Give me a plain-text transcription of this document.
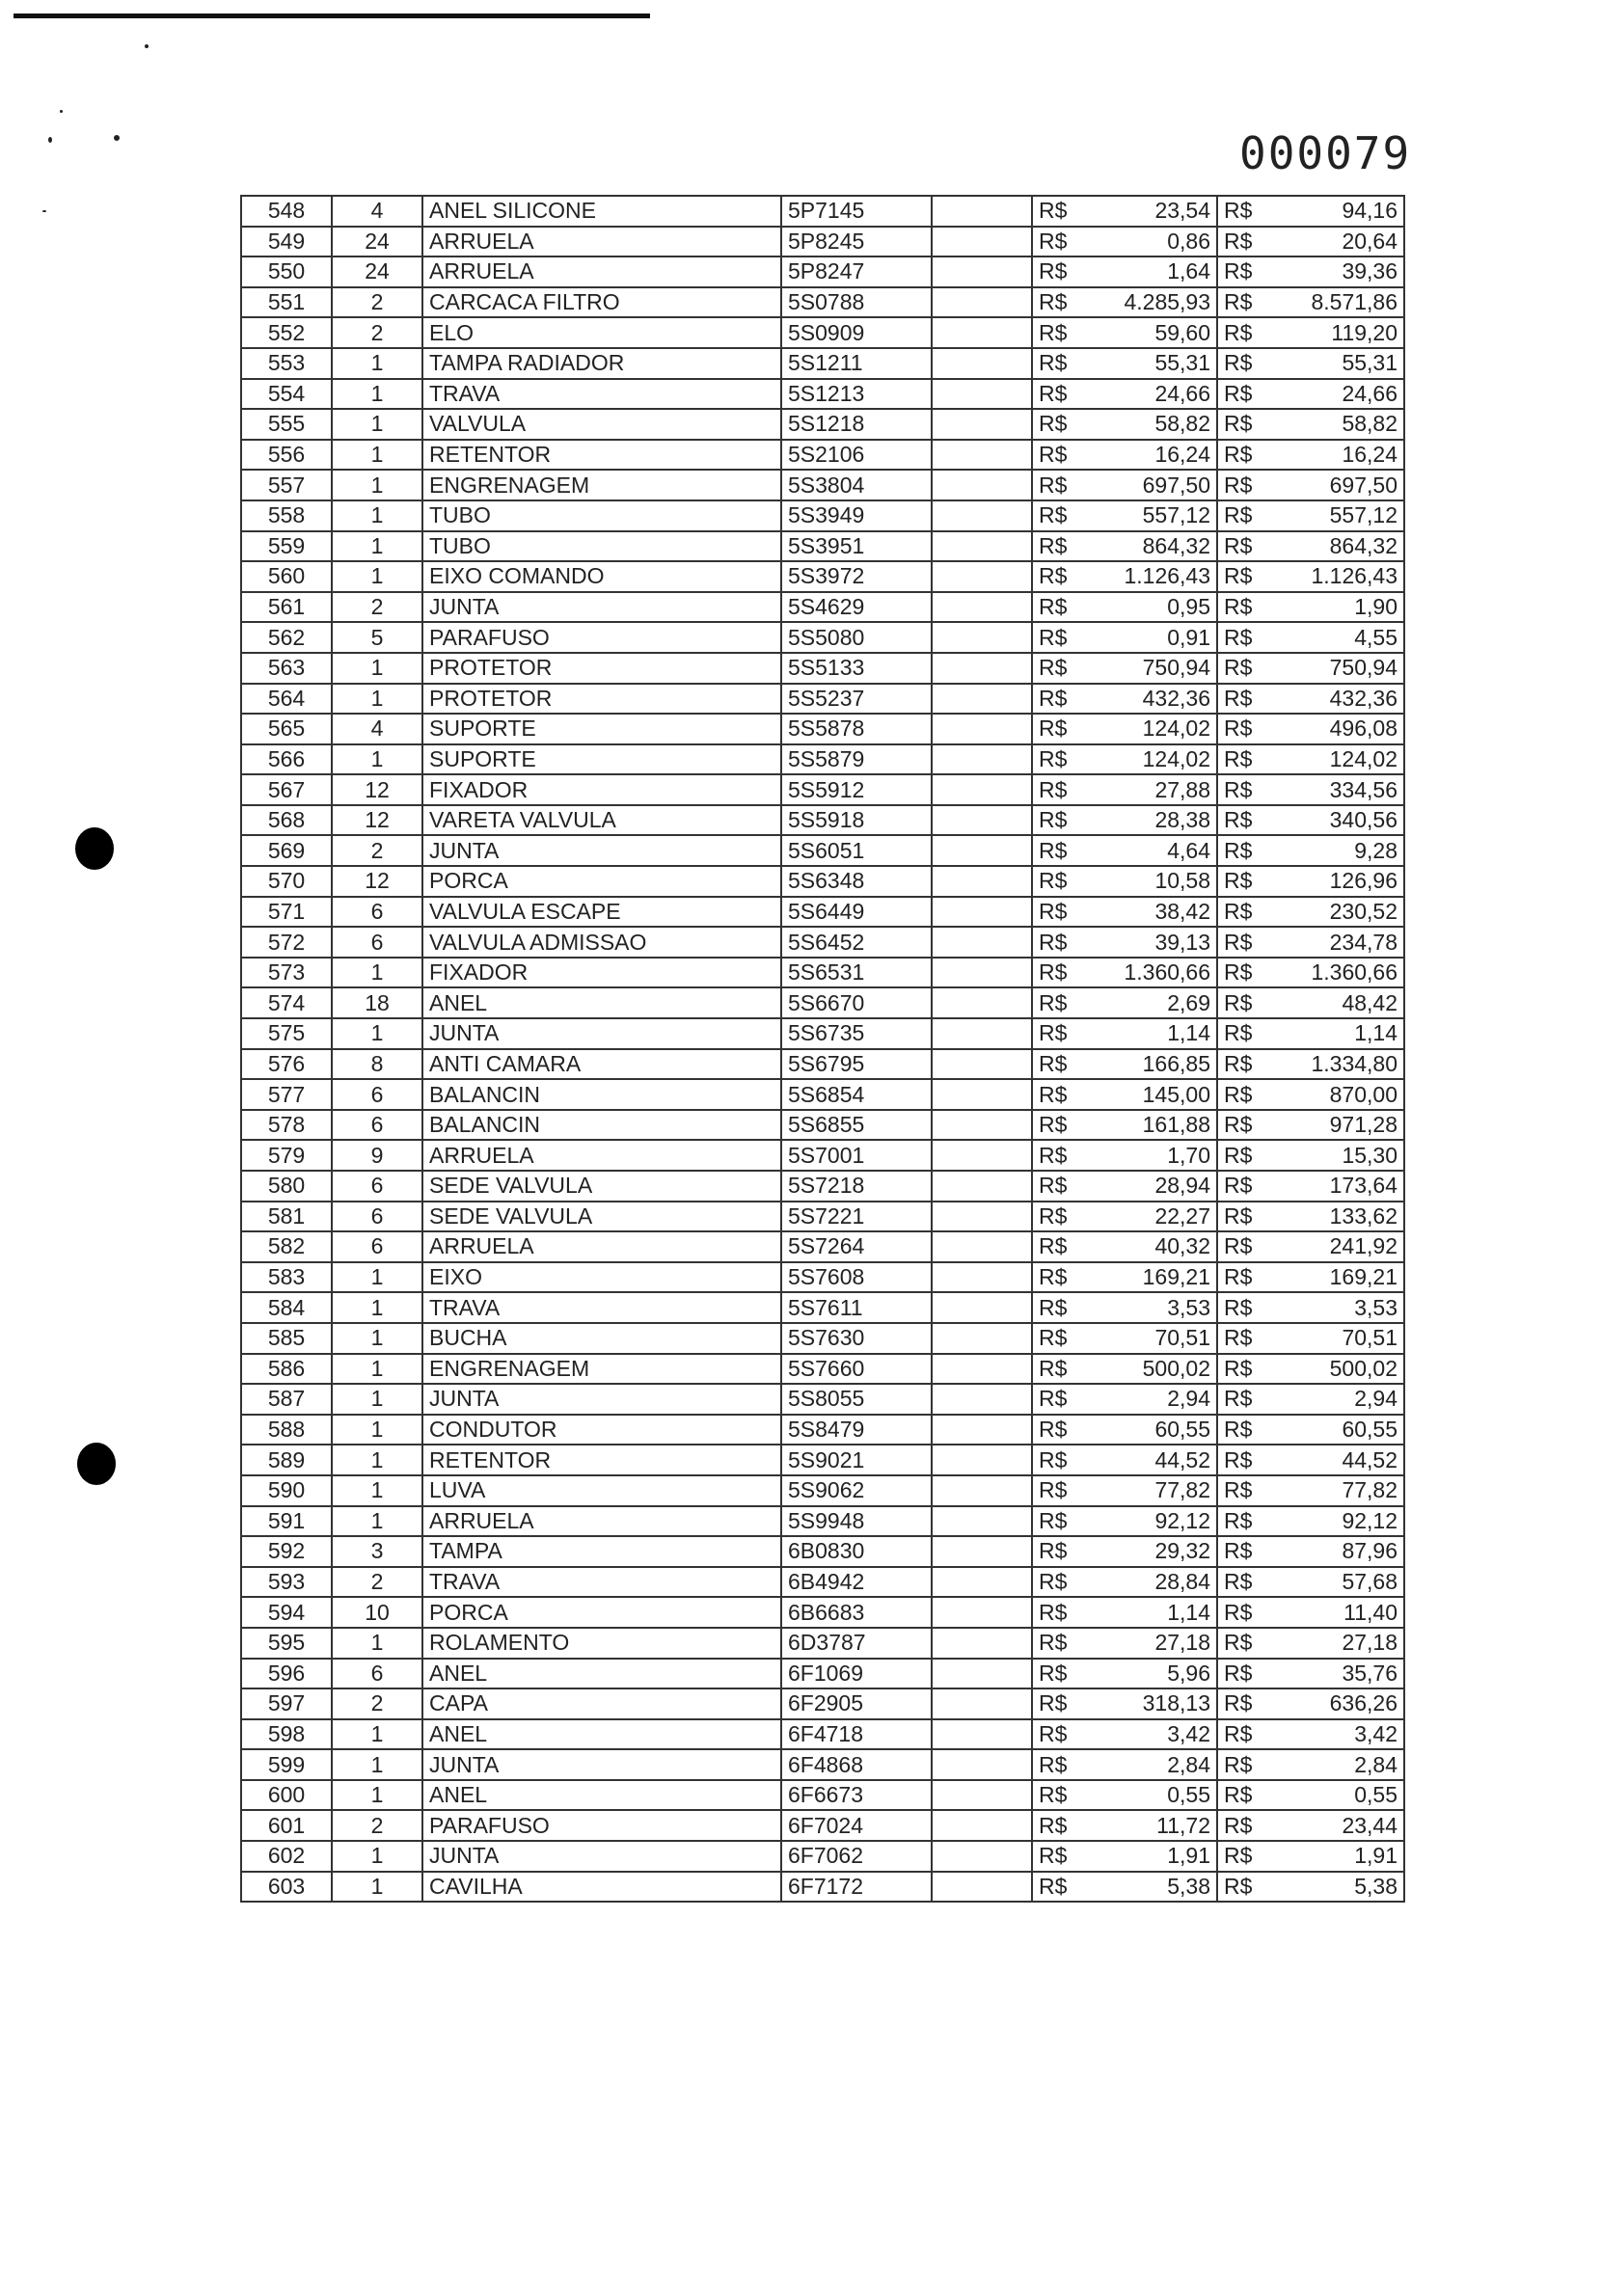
000079
548	4	ANEL SILICONE	5P7145		R$	23,54	R$	94,16
549	24	ARRUELA	5P8245		R$	0,86	R$	20,64
550	24	ARRUELA	5P8247		R$	1,64	R$	39,36
551	2	CARCACA FILTRO	5S0788		R$	4.285,93	R$	8.571,86
552	2	ELO	5S0909		R$	59,60	R$	119,20
553	1	TAMPA RADIADOR	5S1211		R$	55,31	R$	55,31
554	1	TRAVA	5S1213		R$	24,66	R$	24,66
555	1	VALVULA	5S1218		R$	58,82	R$	58,82
556	1	RETENTOR	5S2106		R$	16,24	R$	16,24
557	1	ENGRENAGEM	5S3804		R$	697,50	R$	697,50
558	1	TUBO	5S3949		R$	557,12	R$	557,12
559	1	TUBO	5S3951		R$	864,32	R$	864,32
560	1	EIXO COMANDO	5S3972		R$	1.126,43	R$	1.126,43
561	2	JUNTA	5S4629		R$	0,95	R$	1,90
562	5	PARAFUSO	5S5080		R$	0,91	R$	4,55
563	1	PROTETOR	5S5133		R$	750,94	R$	750,94
564	1	PROTETOR	5S5237		R$	432,36	R$	432,36
565	4	SUPORTE	5S5878		R$	124,02	R$	496,08
566	1	SUPORTE	5S5879		R$	124,02	R$	124,02
567	12	FIXADOR	5S5912		R$	27,88	R$	334,56
568	12	VARETA VALVULA	5S5918		R$	28,38	R$	340,56
569	2	JUNTA	5S6051		R$	4,64	R$	9,28
570	12	PORCA	5S6348		R$	10,58	R$	126,96
571	6	VALVULA ESCAPE	5S6449		R$	38,42	R$	230,52
572	6	VALVULA ADMISSAO	5S6452		R$	39,13	R$	234,78
573	1	FIXADOR	5S6531		R$	1.360,66	R$	1.360,66
574	18	ANEL	5S6670		R$	2,69	R$	48,42
575	1	JUNTA	5S6735		R$	1,14	R$	1,14
576	8	ANTI CAMARA	5S6795		R$	166,85	R$	1.334,80
577	6	BALANCIN	5S6854		R$	145,00	R$	870,00
578	6	BALANCIN	5S6855		R$	161,88	R$	971,28
579	9	ARRUELA	5S7001		R$	1,70	R$	15,30
580	6	SEDE VALVULA	5S7218		R$	28,94	R$	173,64
581	6	SEDE VALVULA	5S7221		R$	22,27	R$	133,62
582	6	ARRUELA	5S7264		R$	40,32	R$	241,92
583	1	EIXO	5S7608		R$	169,21	R$	169,21
584	1	TRAVA	5S7611		R$	3,53	R$	3,53
585	1	BUCHA	5S7630		R$	70,51	R$	70,51
586	1	ENGRENAGEM	5S7660		R$	500,02	R$	500,02
587	1	JUNTA	5S8055		R$	2,94	R$	2,94
588	1	CONDUTOR	5S8479		R$	60,55	R$	60,55
589	1	RETENTOR	5S9021		R$	44,52	R$	44,52
590	1	LUVA	5S9062		R$	77,82	R$	77,82
591	1	ARRUELA	5S9948		R$	92,12	R$	92,12
592	3	TAMPA	6B0830		R$	29,32	R$	87,96
593	2	TRAVA	6B4942		R$	28,84	R$	57,68
594	10	PORCA	6B6683		R$	1,14	R$	11,40
595	1	ROLAMENTO	6D3787		R$	27,18	R$	27,18
596	6	ANEL	6F1069		R$	5,96	R$	35,76
597	2	CAPA	6F2905		R$	318,13	R$	636,26
598	1	ANEL	6F4718		R$	3,42	R$	3,42
599	1	JUNTA	6F4868		R$	2,84	R$	2,84
600	1	ANEL	6F6673		R$	0,55	R$	0,55
601	2	PARAFUSO	6F7024		R$	11,72	R$	23,44
602	1	JUNTA	6F7062		R$	1,91	R$	1,91
603	1	CAVILHA	6F7172		R$	5,38	R$	5,38
